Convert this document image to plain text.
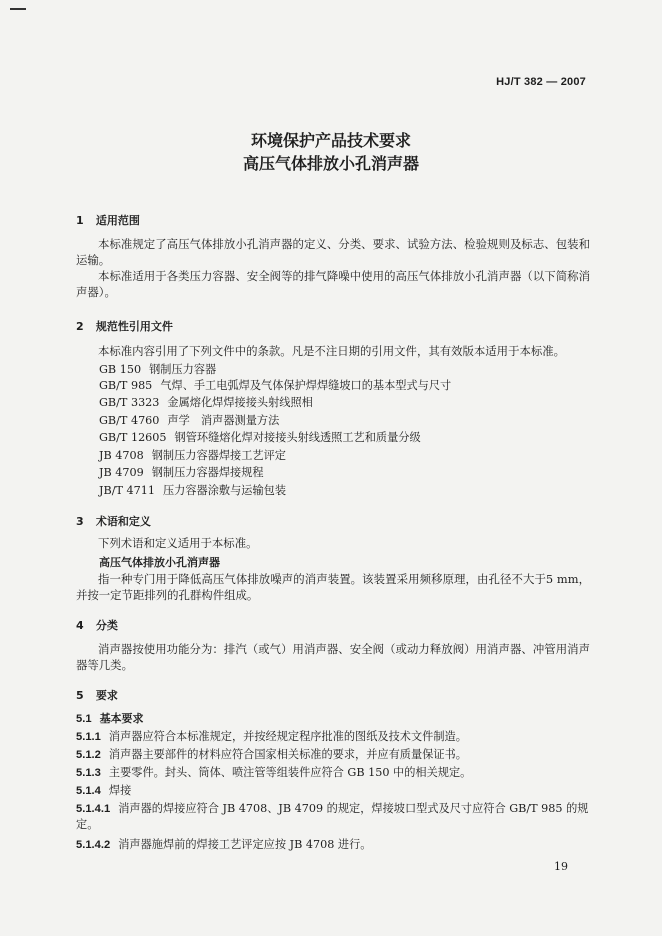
HJ/T 382 — 2007
环境保护产品技术要求
高压气体排放小孔消声器
1 适用范围

本标准规定了高压气体排放小孔消声器的定义、分类、要求、试验方法、检验规则及标志、包装和运输。

本标准适用于各类压力容器、安全阀等的排气降噪中使用的高压气体排放小孔消声器（以下简称消声器）。

2 规范性引用文件

本标准内容引用了下列文件中的条款。凡是不注日期的引用文件，其有效版本适用于本标准。

GB 150 钢制压力容器
GB/T 985 气焊、手工电弧焊及气体保护焊焊缝坡口的基本型式与尺寸
GB/T 3323 金属熔化焊焊接接头射线照相
GB/T 4760 声学　消声器测量方法
GB/T 12605 钢管环缝熔化焊对接接头射线透照工艺和质量分级
JB 4708 钢制压力容器焊接工艺评定
JB 4709 钢制压力容器焊接规程
JB/T 4711 压力容器涂敷与运输包装
3 术语和定义

下列术语和定义适用于本标准。

高压气体排放小孔消声器

指一种专门用于降低高压气体排放噪声的消声装置。该装置采用频移原理，由孔径不大于5 mm，并按一定节距排列的孔群构件组成。

4 分类

消声器按使用功能分为：排汽（或气）用消声器、安全阀（或动力释放阀）用消声器、冲管用消声器等几类。

5 要求
5.1 基本要求
5.1.1 消声器应符合本标准规定，并按经规定程序批准的图纸及技术文件制造。
5.1.2 消声器主要部件的材料应符合国家相关标准的要求，并应有质量保证书。
5.1.3 主要零件。封头、筒体、喷注管等组装件应符合 GB 150 中的相关规定。
5.1.4 焊接
5.1.4.1 消声器的焊接应符合 JB 4708、JB 4709 的规定，焊接坡口型式及尺寸应符合 GB/T 985 的规定。
5.1.4.2 消声器施焊前的焊接工艺评定应按 JB 4708 进行。
19
